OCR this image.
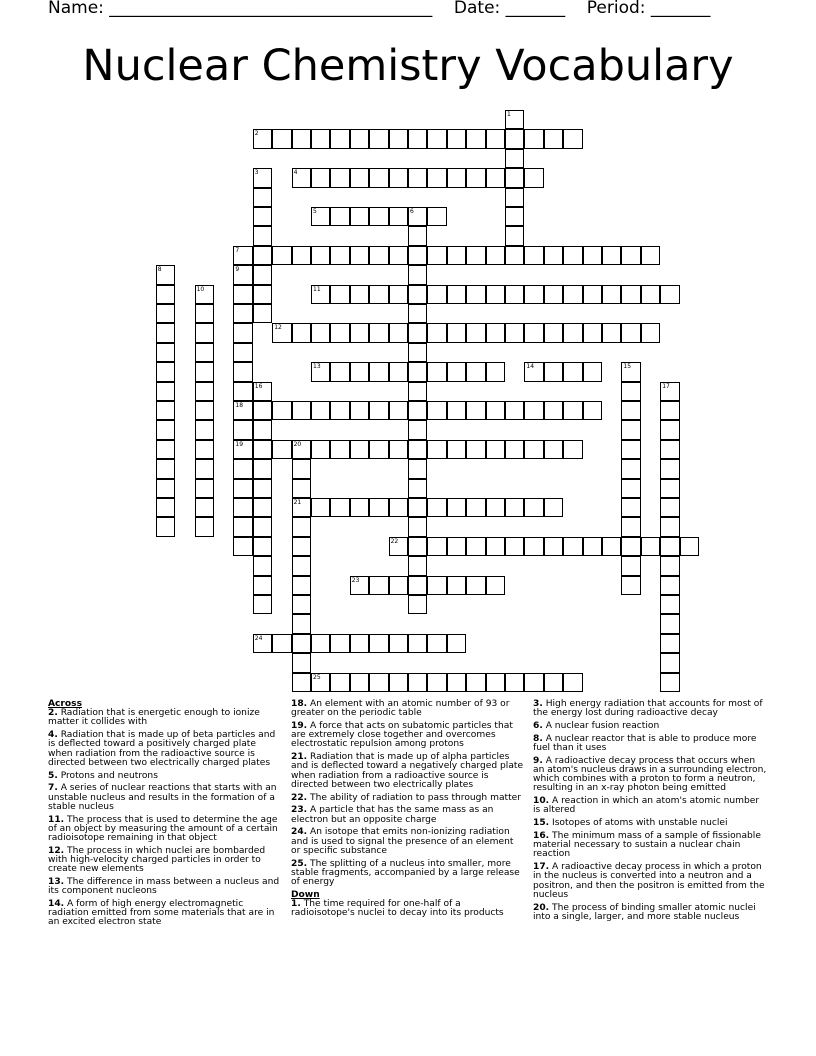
Name: ______________________________________    Date: _______    Period: _______
Nuclear Chemistry Vocabulary
1
2
3	4
5	6
7
8	9
18
19
10	11
12
13	14	15
16	17
20
21
22
23
24
25
Across
2. Radiation that is energetic enough to ionize matter it collides with
4. Radiation that is made up of beta particles and is deflected toward a positively charged plate when radiation from the radioactive source is directed between two electrically charged plates
5. Protons and neutrons
7. A series of nuclear reactions that starts with an unstable nucleus and results in the formation of a stable nucleus
11. The process that is used to determine the age of an object by measuring the amount of a certain radioisotope remaining in that object
12. The process in which nuclei are bombarded with high-velocity charged particles in order to create new elements
13. The difference in mass between a nucleus and its component nucleons
14. A form of high energy electromagnetic radiation emitted from some materials that are in an excited electron state
18. An element with an atomic number of 93 or greater on the periodic table
19. A force that acts on subatomic particles that are extremely close together and overcomes electrostatic repulsion among protons
21. Radiation that is made up of alpha particles and is deflected toward a negatively charged plate when radiation from a radioactive source is directed between two electrically plates
22. The ability of radiation to pass through matter
23. A particle that has the same mass as an electron but an opposite charge
24. An isotope that emits non-ionizing radiation and is used to signal the presence of an element or specific substance
25. The splitting of a nucleus into smaller, more stable fragments, accompanied by a large release of energy
Down
1. The time required for one-half of a radioisotope's nuclei to decay into its products
3. High energy radiation that accounts for most of the energy lost during radioactive decay
6. A nuclear fusion reaction
8. A nuclear reactor that is able to produce more fuel than it uses
9. A radioactive decay process that occurs when an atom's nucleus draws in a surrounding electron, which combines with a proton to form a neutron, resulting in an x-ray photon being emitted
10. A reaction in which an atom's atomic number is altered
15. Isotopes of atoms with unstable nuclei
16. The minimum mass of a sample of fissionable material necessary to sustain a nuclear chain reaction
17. A radioactive decay process in which a proton in the nucleus is converted into a neutron and a positron, and then the positron is emitted from the nucleus
20. The process of binding smaller atomic nuclei into a single, larger, and more stable nucleus
